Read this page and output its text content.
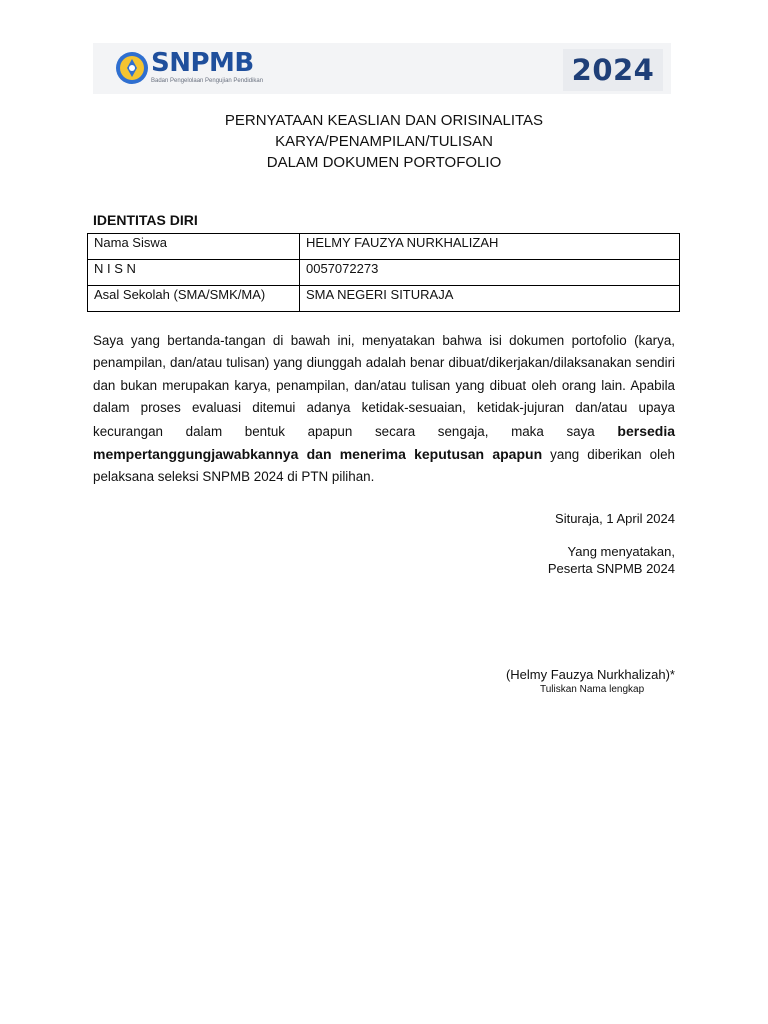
SNPMB
Badan Pengelolaan Pengujian Pendidikan	2024
PERNYATAAN KEASLIAN DAN ORISINALITAS
KARYA/PENAMPILAN/TULISAN
DALAM DOKUMEN PORTOFOLIO
IDENTITAS DIRI
Nama Siswa	HELMY FAUZYA NURKHALIZAH
N I S N	0057072273
Asal Sekolah (SMA/SMK/MA)	SMA NEGERI SITURAJA
Saya yang bertanda-tangan di bawah ini, menyatakan bahwa isi dokumen portofolio (karya, penampilan, dan/atau tulisan) yang diunggah adalah benar dibuat/dikerjakan/dilaksanakan sendiri dan bukan merupakan karya, penampilan, dan/atau tulisan yang dibuat oleh orang lain. Apabila dalam proses evaluasi ditemui adanya ketidak-sesuaian, ketidak-jujuran dan/atau upaya kecurangan dalam bentuk apapun secara sengaja, maka saya bersedia mempertanggungjawabkannya dan menerima keputusan apapun yang diberikan oleh pelaksana seleksi SNPMB 2024 di PTN pilihan.
Situraja, 1 April 2024
Yang menyatakan,
Peserta SNPMB 2024
(Helmy Fauzya Nurkhalizah)*
Tuliskan Nama lengkap
